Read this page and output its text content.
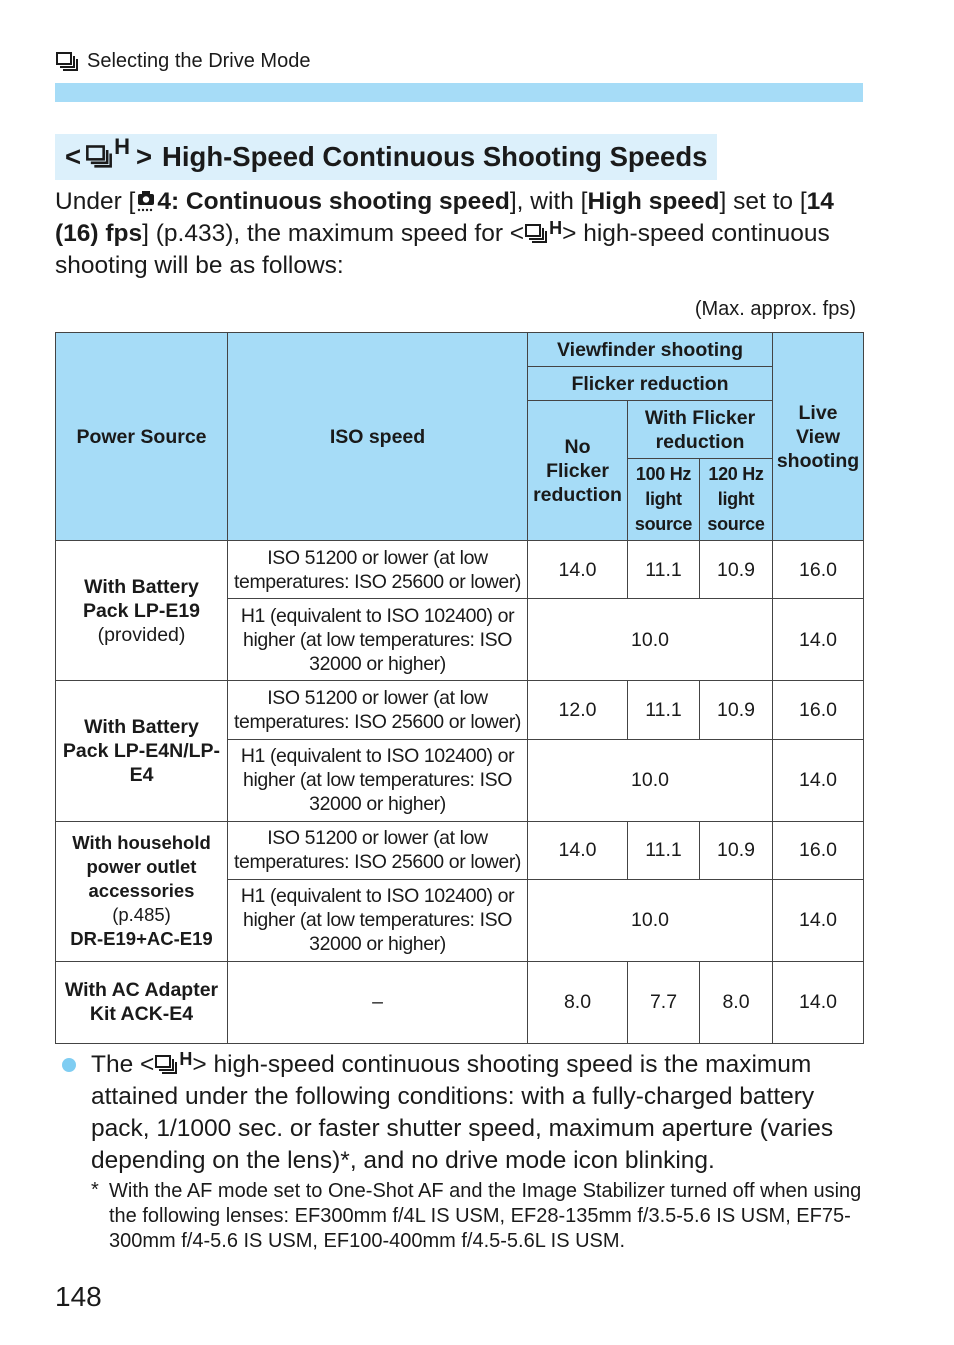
Selecting the Drive Mode
< $^H$ > High-Speed Continuous Shooting Speeds
Under [ 4: Continuous shooting speed], with [High speed] set to [14 (16) fps] (p.433), the maximum speed for < $^H$ > high-speed continuous shooting will be as follows:
(Max. approx. fps)
Power Source	ISO speed	Viewfinder shooting			Live View shooting
		Flicker reduction			
		No Flicker reduction	With Flicker reduction		
			100 Hz light source	120 Hz light source	
With Battery Pack LP-E19
(provided)	ISO 51200 or lower (at low temperatures: ISO 25600 or lower)	14.0	11.1	10.9	16.0
	H1 (equivalent to ISO 102400) or higher (at low temperatures: ISO 32000 or higher)	10.0			14.0
With Battery Pack LP-E4N/LP-E4	ISO 51200 or lower (at low temperatures: ISO 25600 or lower)	12.0	11.1	10.9	16.0
	H1 (equivalent to ISO 102400) or higher (at low temperatures: ISO 32000 or higher)	10.0			14.0
With household power outlet accessories
(p.485)
DR-E19+AC-E19	ISO 51200 or lower (at low temperatures: ISO 25600 or lower)	14.0	11.1	10.9	16.0
	H1 (equivalent to ISO 102400) or higher (at low temperatures: ISO 32000 or higher)	10.0			14.0
With AC Adapter Kit ACK-E4	–	8.0	7.7	8.0	14.0
The < $^H$ > high-speed continuous shooting speed is the maximum attained under the following conditions: with a fully-charged battery pack, 1/1000 sec. or faster shutter speed, maximum aperture (varies depending on the lens)*, and no drive mode icon blinking.
* With the AF mode set to One-Shot AF and the Image Stabilizer turned off when using the following lenses: EF300mm f/4L IS USM, EF28-135mm f/3.5-5.6 IS USM, EF75-300mm f/4-5.6 IS USM, EF100-400mm f/4.5-5.6L IS USM.
148
